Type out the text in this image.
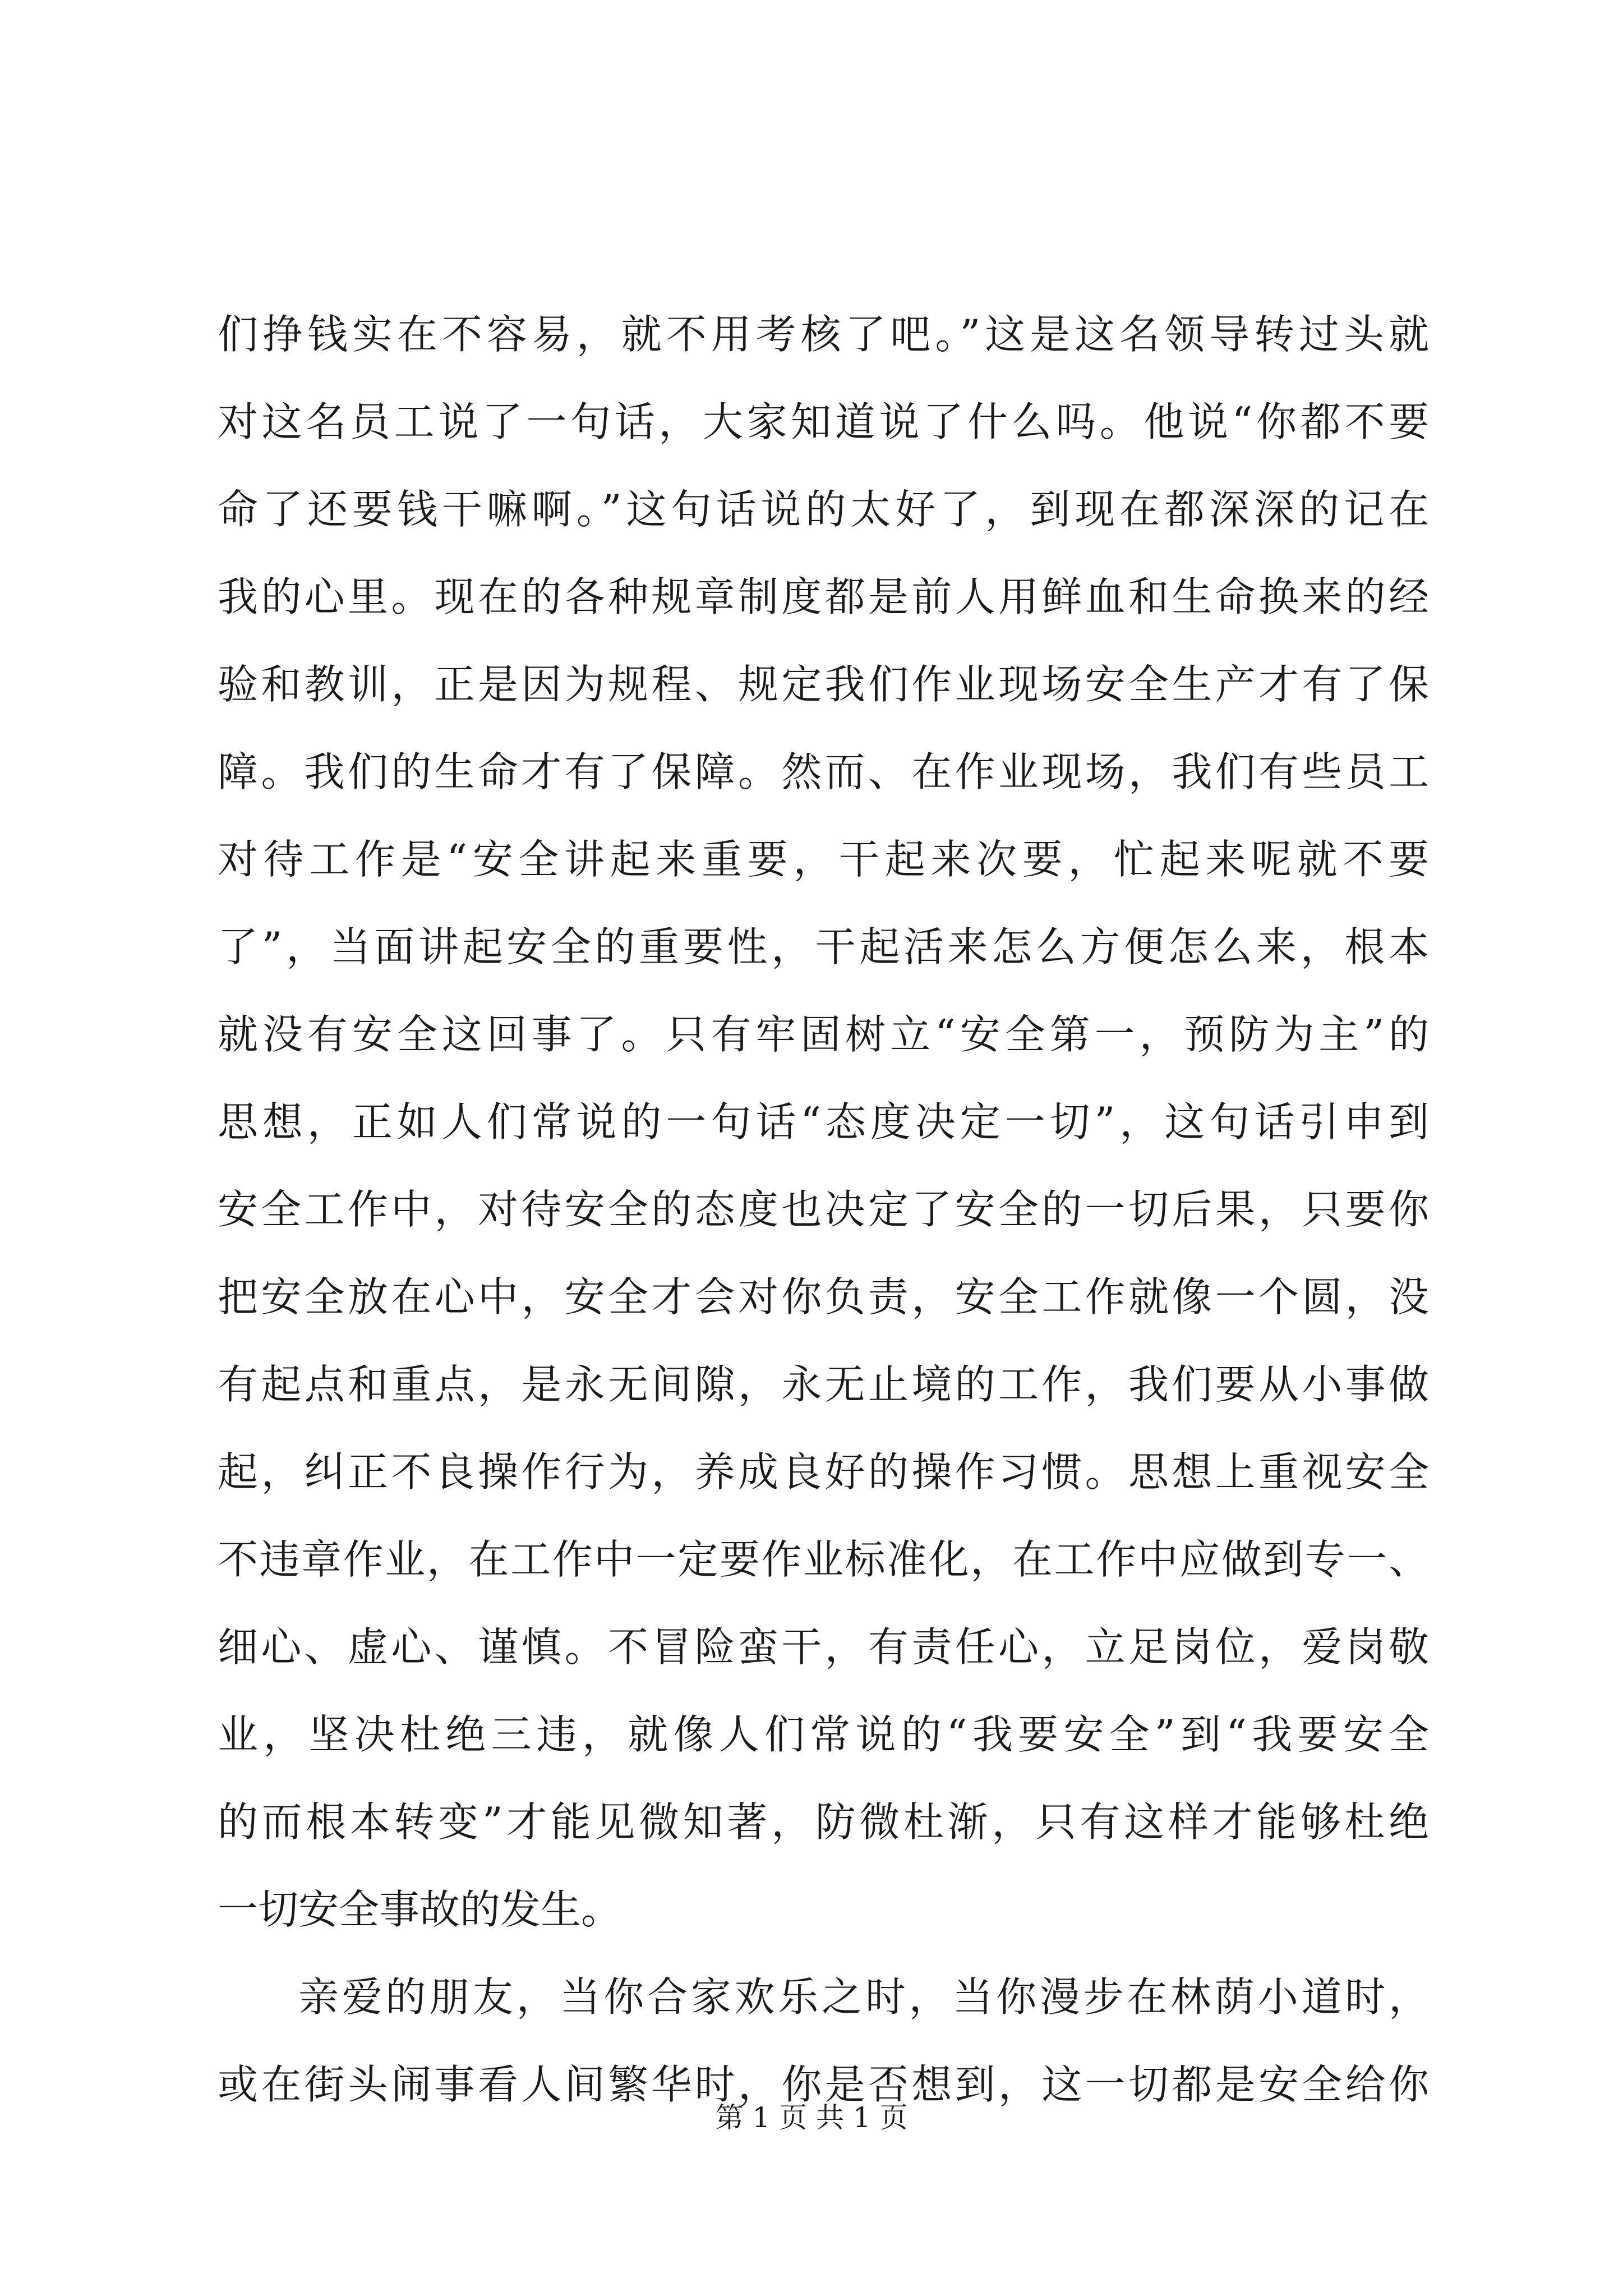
们挣钱实在不容易，就不用考核了吧。”这是这名领导转过头就
对这名员工说了一句话，大家知道说了什么吗。他说“你都不要
命了还要钱干嘛啊。”这句话说的太好了，到现在都深深的记在
我的心里。现在的各种规章制度都是前人用鲜血和生命换来的经
验和教训，正是因为规程、规定我们作业现场安全生产才有了保
障。我们的生命才有了保障。然而、在作业现场，我们有些员工
对待工作是“安全讲起来重要，干起来次要，忙起来呢就不要
了”，当面讲起安全的重要性，干起活来怎么方便怎么来，根本
就没有安全这回事了。只有牢固树立“安全第一，预防为主”的
思想，正如人们常说的一句话“态度决定一切”，这句话引申到
安全工作中，对待安全的态度也决定了安全的一切后果，只要你
把安全放在心中，安全才会对你负责，安全工作就像一个圆，没
有起点和重点，是永无间隙，永无止境的工作，我们要从小事做
起，纠正不良操作行为，养成良好的操作习惯。思想上重视安全
不违章作业，在工作中一定要作业标准化，在工作中应做到专一、
细心、虚心、谨慎。不冒险蛮干，有责任心，立足岗位，爱岗敬
业，坚决杜绝三违，就像人们常说的“我要安全”到“我要安全
的而根本转变”才能见微知著，防微杜渐，只有这样才能够杜绝
一切安全事故的发生。
亲爱的朋友，当你合家欢乐之时，当你漫步在林荫小道时，
或在街头闹事看人间繁华时，你是否想到，这一切都是安全给你
第 1 页 共 1 页
